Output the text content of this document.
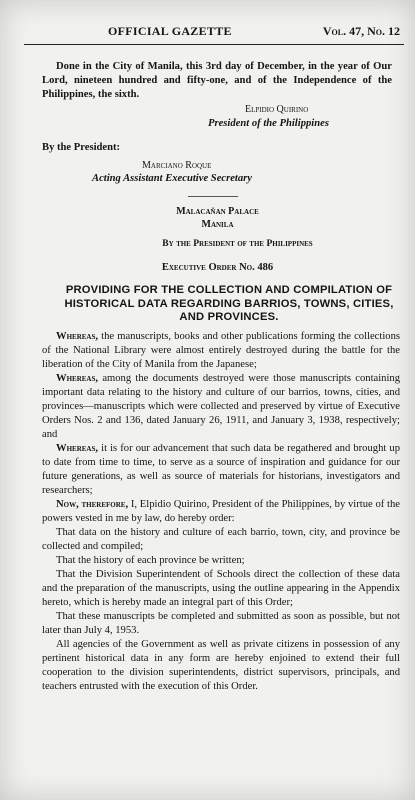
OFFICIAL GAZETTE	Vol. 47, No. 12
Done in the City of Manila, this 3rd day of December, in the year of Our Lord, nineteen hundred and fifty-one, and of the Independence of the Philippines, the sixth.
Elpidio Quirino
President of the Philippines
By the President:
Marciano Roque
Acting Assistant Executive Secretary
Malacañan Palace
Manila
By the President of the Philippines
Executive Order No. 486
PROVIDING FOR THE COLLECTION AND COMPILATION OF HISTORICAL DATA REGARDING BARRIOS, TOWNS, CITIES, AND PROVINCES.
Whereas, the manuscripts, books and other publications forming the collections of the National Library were almost entirely destroyed during the battle for the liberation of the City of Manila from the Japanese;
Whereas, among the documents destroyed were those manuscripts containing important data relating to the history and culture of our barrios, towns, cities, and provinces—manuscripts which were collected and preserved by virtue of Executive Orders Nos. 2 and 136, dated January 26, 1911, and January 3, 1938, respectively; and
Whereas, it is for our advancement that such data be regathered and brought up to date from time to time, to serve as a source of inspiration and guidance for our future generations, as well as source of materials for historians, investigators and researchers;
Now, therefore, I, Elpidio Quirino, President of the Philippines, by virtue of the powers vested in me by law, do hereby order:
That data on the history and culture of each barrio, town, city, and province be collected and compiled;
That the history of each province be written;
That the Division Superintendent of Schools direct the collection of these data and the preparation of the manuscripts, using the outline appearing in the Appendix hereto, which is hereby made an integral part of this Order;
That these manuscripts be completed and submitted as soon as possible, but not later than July 4, 1953.
All agencies of the Government as well as private citizens in possession of any pertinent historical data in any form are hereby enjoined to extend their full cooperation to the division superintendents, district supervisors, principals, and teachers entrusted with the execution of this Order.
